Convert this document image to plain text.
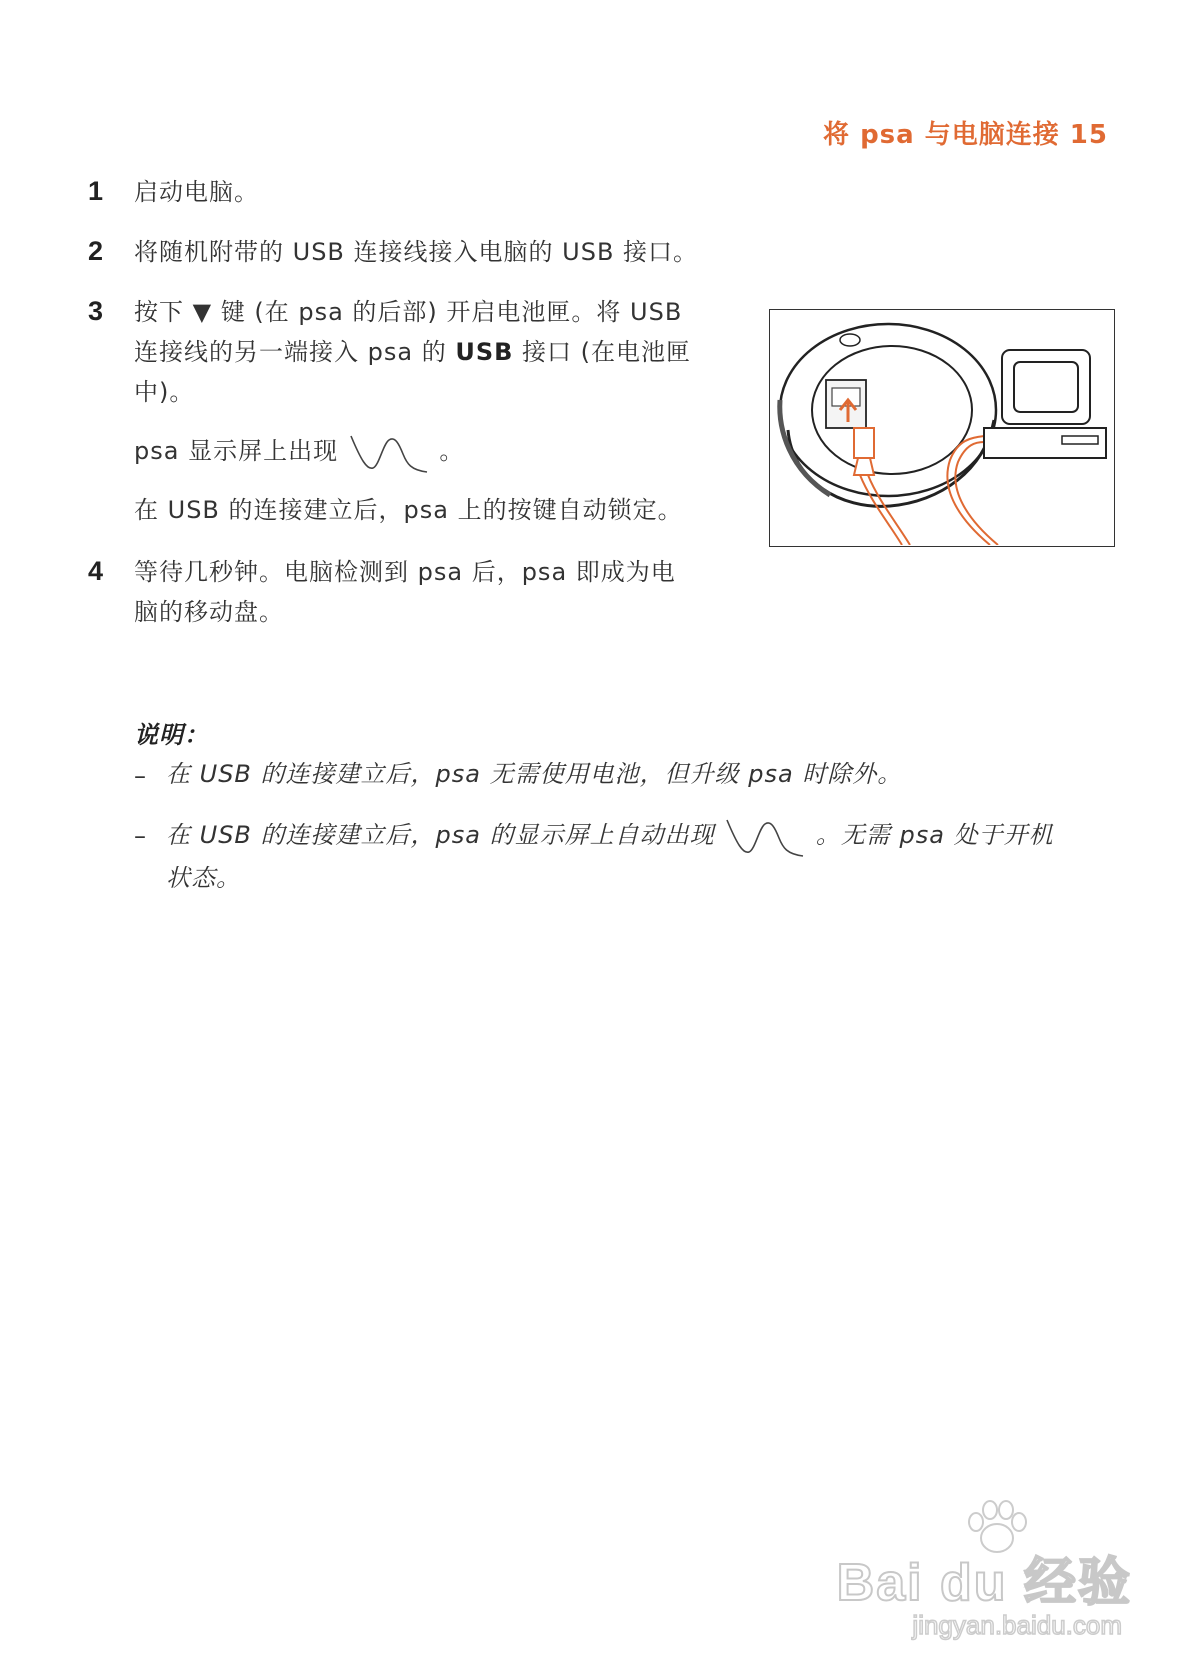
将 psa 与电脑连接 15
1 启动电脑。
2 将随机附带的 USB 连接线接入电脑的 USB 接口。
3 按下 ▼ 键 (在 psa 的后部) 开启电池匣。将 USB
连接线的另一端接入 psa 的 USB 接口 (在电池匣
中)。
psa 显示屏上出现	。
在 USB 的连接建立后，psa 上的按键自动锁定。
4 等待几秒钟。电脑检测到 psa 后，psa 即成为电
脑的移动盘。
说明：
– 在 USB 的连接建立后，psa 无需使用电池，但升级 psa 时除外。
– 在 USB 的连接建立后，psa 的显示屏上自动出现	。无需 psa 处于开机
状态。
Bai du 经验
jingyan.baidu.com
